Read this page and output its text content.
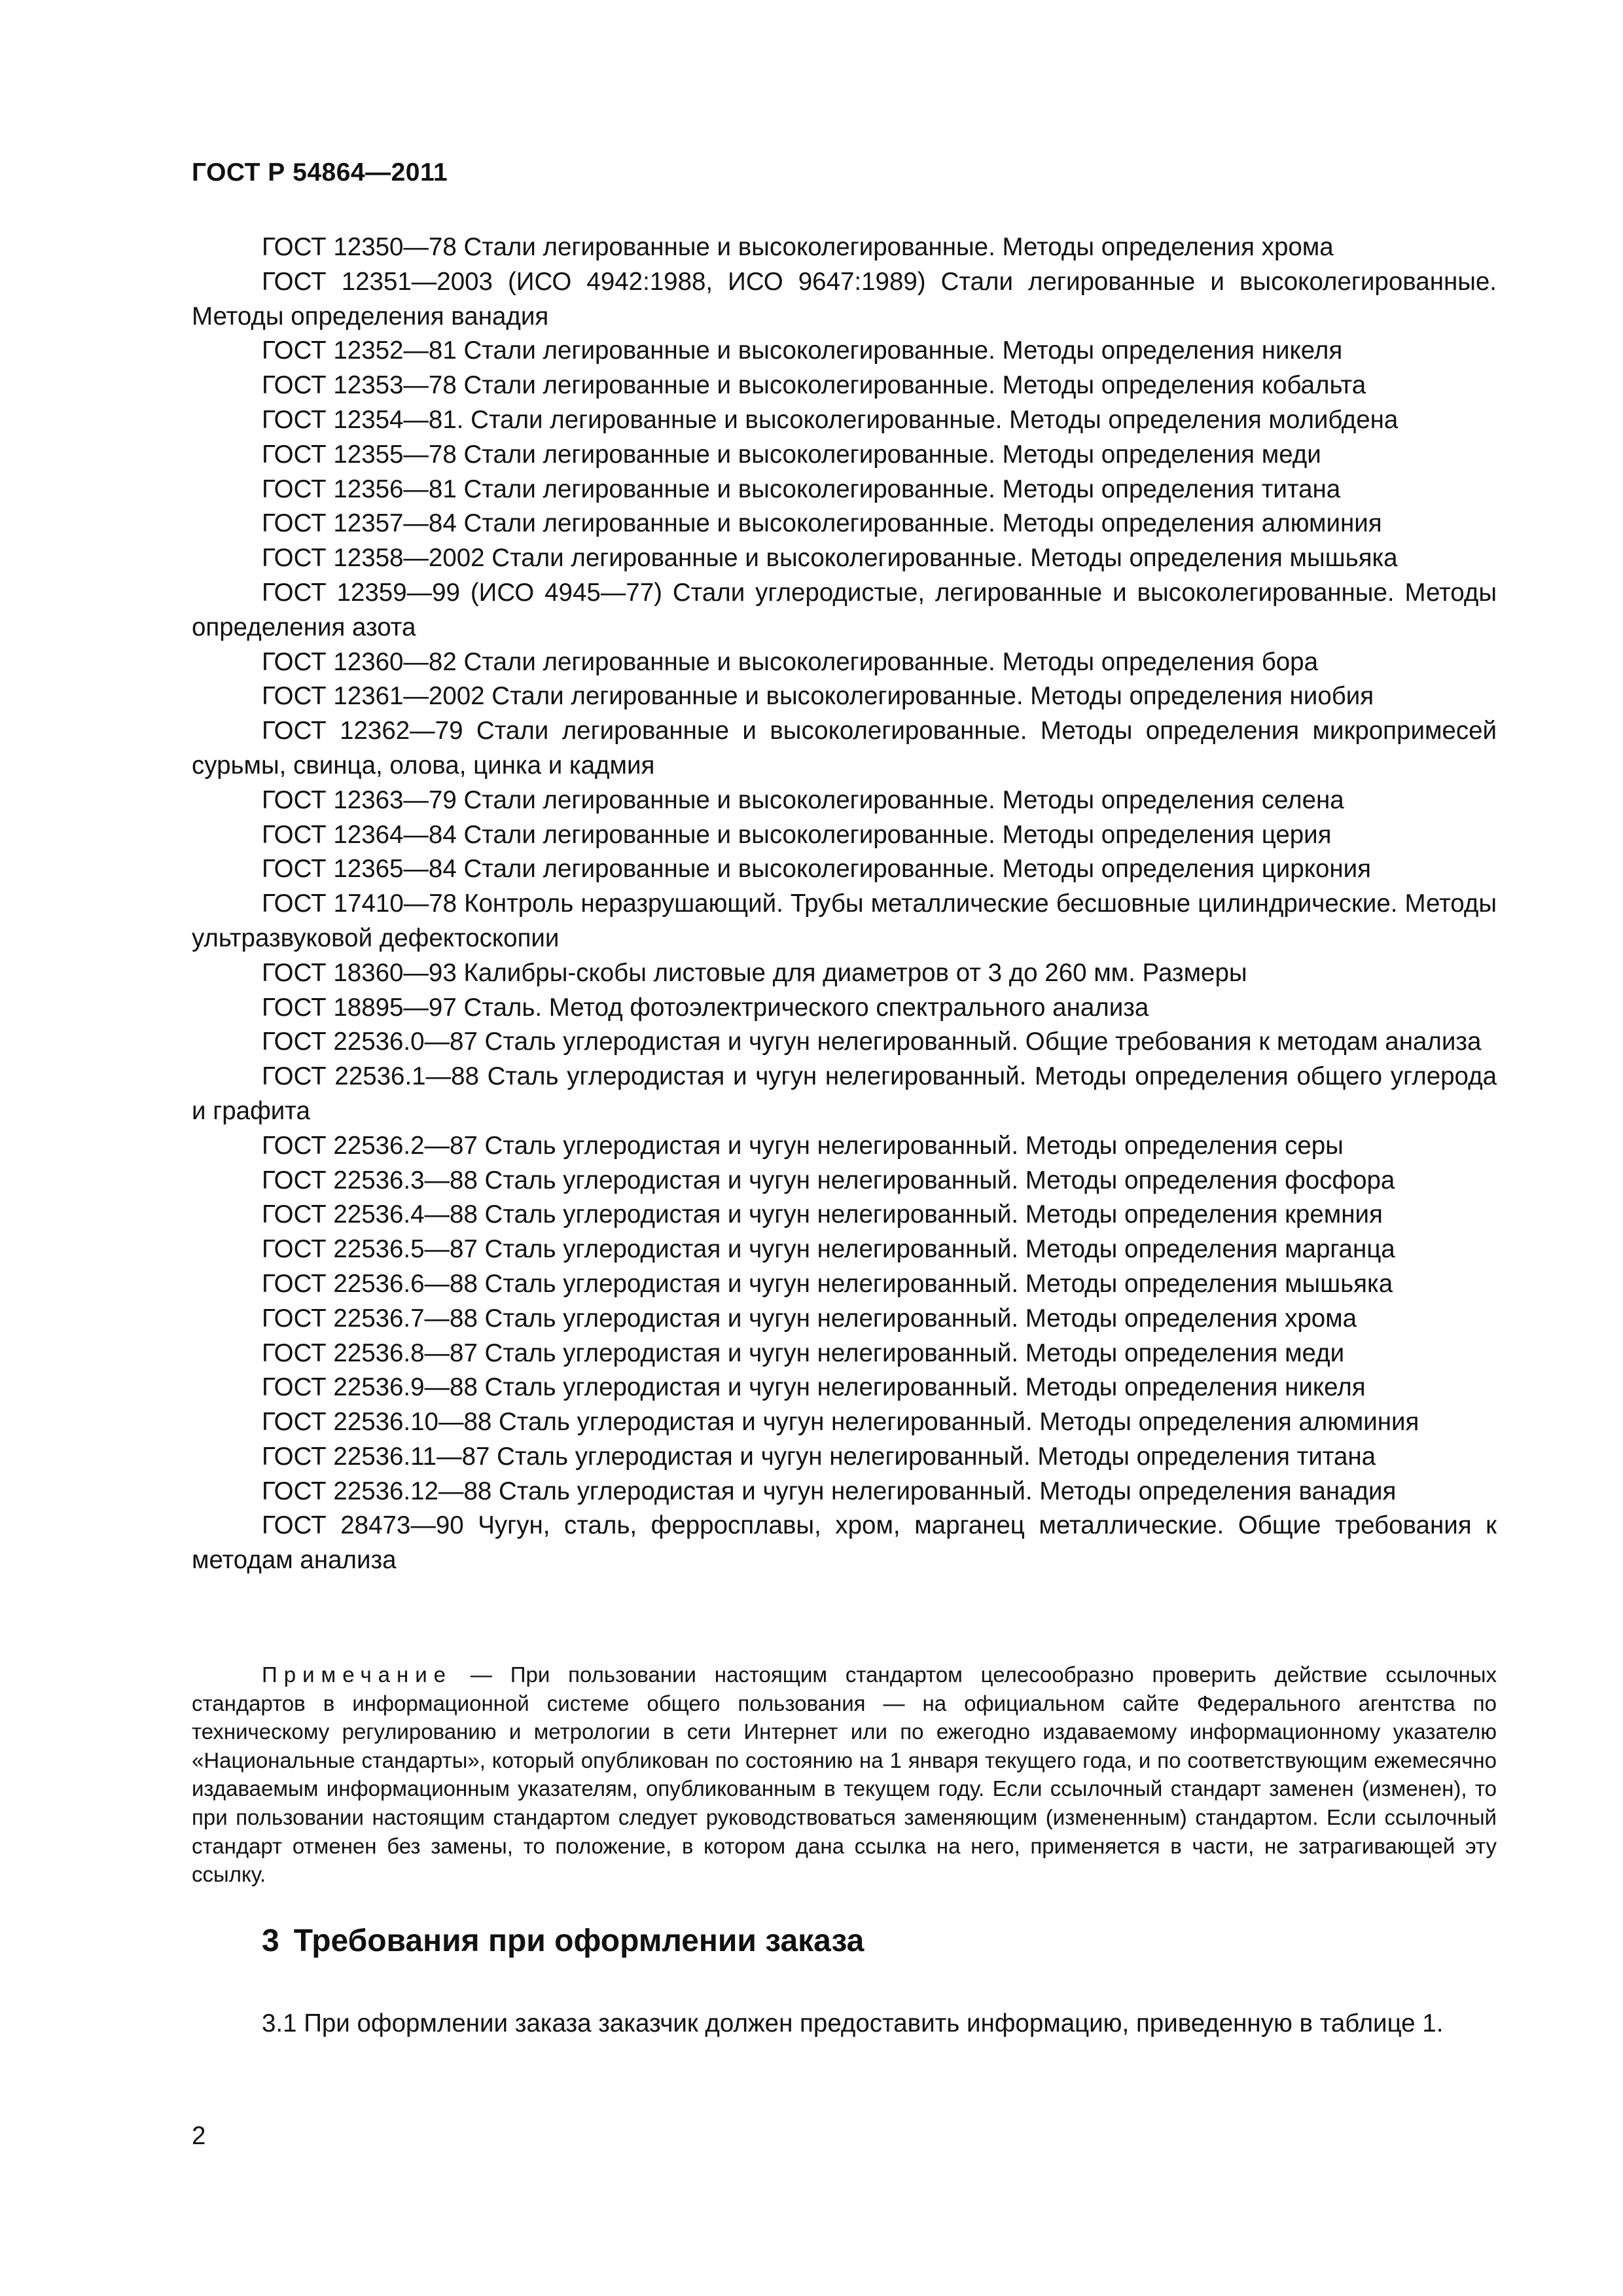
ГОСТ Р 54864—2011

ГОСТ 12350—78 Стали легированные и высоколегированные. Методы определения хрома

ГОСТ 12351—2003 (ИСО 4942:1988, ИСО 9647:1989) Стали легированные и высоколегированные. Методы определения ванадия

ГОСТ 12352—81 Стали легированные и высоколегированные. Методы определения никеля

ГОСТ 12353—78 Стали легированные и высоколегированные. Методы определения кобальта

ГОСТ 12354—81. Стали легированные и высоколегированные. Методы определения молибдена

ГОСТ 12355—78 Стали легированные и высоколегированные. Методы определения меди

ГОСТ 12356—81 Стали легированные и высоколегированные. Методы определения титана

ГОСТ 12357—84 Стали легированные и высоколегированные. Методы определения алюминия

ГОСТ 12358—2002 Стали легированные и высоколегированные. Методы определения мышьяка

ГОСТ 12359—99 (ИСО 4945—77) Стали углеродистые, легированные и высоколегированные. Методы определения азота

ГОСТ 12360—82 Стали легированные и высоколегированные. Методы определения бора

ГОСТ 12361—2002 Стали легированные и высоколегированные. Методы определения ниобия

ГОСТ 12362—79 Стали легированные и высоколегированные. Методы определения микропримесей сурьмы, свинца, олова, цинка и кадмия

ГОСТ 12363—79 Стали легированные и высоколегированные. Методы определения селена

ГОСТ 12364—84 Стали легированные и высоколегированные. Методы определения церия

ГОСТ 12365—84 Стали легированные и высоколегированные. Методы определения циркония

ГОСТ 17410—78 Контроль неразрушающий. Трубы металлические бесшовные цилиндрические. Методы ультразвуковой дефектоскопии

ГОСТ 18360—93 Калибры-скобы листовые для диаметров от 3 до 260 мм. Размеры

ГОСТ 18895—97 Сталь. Метод фотоэлектрического спектрального анализа

ГОСТ 22536.0—87 Сталь углеродистая и чугун нелегированный. Общие требования к методам анализа

ГОСТ 22536.1—88 Сталь углеродистая и чугун нелегированный. Методы определения общего углерода и графита

ГОСТ 22536.2—87 Сталь углеродистая и чугун нелегированный. Методы определения серы

ГОСТ 22536.3—88 Сталь углеродистая и чугун нелегированный. Методы определения фосфора

ГОСТ 22536.4—88 Сталь углеродистая и чугун нелегированный. Методы определения кремния

ГОСТ 22536.5—87 Сталь углеродистая и чугун нелегированный. Методы определения марганца

ГОСТ 22536.6—88 Сталь углеродистая и чугун нелегированный. Методы определения мышьяка

ГОСТ 22536.7—88 Сталь углеродистая и чугун нелегированный. Методы определения хрома

ГОСТ 22536.8—87 Сталь углеродистая и чугун нелегированный. Методы определения меди

ГОСТ 22536.9—88 Сталь углеродистая и чугун нелегированный. Методы определения никеля

ГОСТ 22536.10—88 Сталь углеродистая и чугун нелегированный. Методы определения алюминия

ГОСТ 22536.11—87 Сталь углеродистая и чугун нелегированный. Методы определения титана

ГОСТ 22536.12—88 Сталь углеродистая и чугун нелегированный. Методы определения ванадия

ГОСТ 28473—90 Чугун, сталь, ферросплавы, хром, марганец металлические. Общие требования к методам анализа

Примечание — При пользовании настоящим стандартом целесообразно проверить действие ссылочных стандартов в информационной системе общего пользования — на официальном сайте Федерального агентства по техническому регулированию и метрологии в сети Интернет или по ежегодно издаваемому информационному указателю «Национальные стандарты», который опубликован по состоянию на 1 января текущего года, и по соответствующим ежемесячно издаваемым информационным указателям, опубликованным в текущем году. Если ссылочный стандарт заменен (изменен), то при пользовании настоящим стандартом следует руководствоваться заменяющим (измененным) стандартом. Если ссылочный стандарт отменен без замены, то положение, в котором дана ссылка на него, применяется в части, не затрагивающей эту ссылку.

3 Требования при оформлении заказа

3.1 При оформлении заказа заказчик должен предоставить информацию, приведенную в таблице 1.

2
